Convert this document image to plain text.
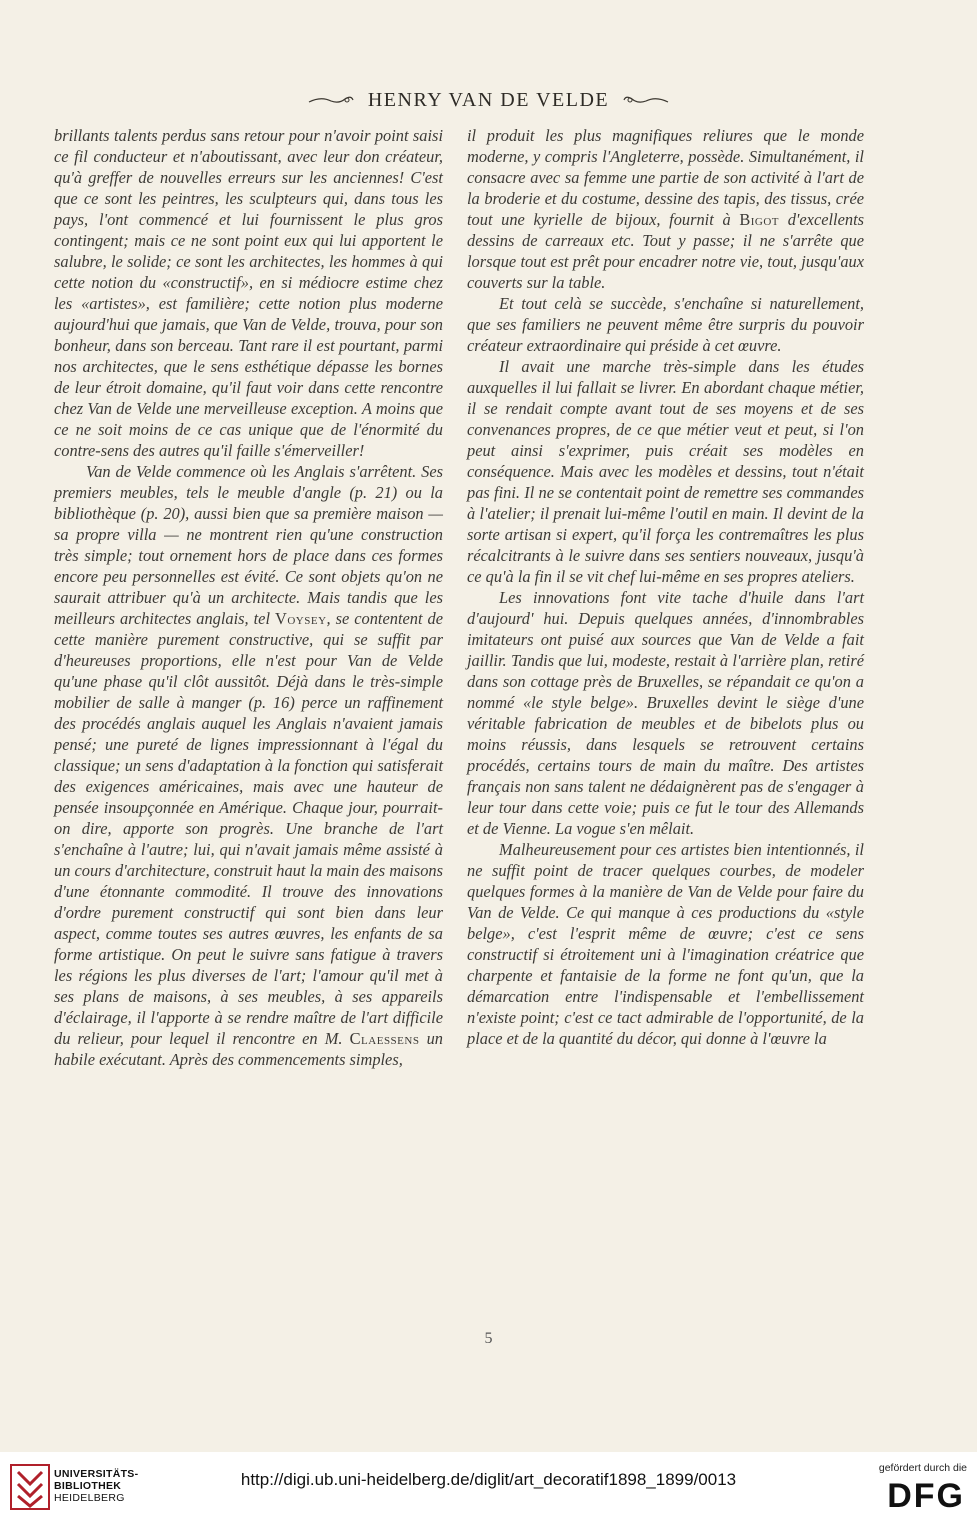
HENRY VAN DE VELDE

brillants talents perdus sans retour pour n'avoir point saisi ce fil conducteur et n'aboutissant, avec leur don créateur, qu'à greffer de nouvelles erreurs sur les anciennes! C'est que ce sont les peintres, les sculpteurs qui, dans tous les pays, l'ont commencé et lui fournissent le plus gros contingent; mais ce ne sont point eux qui lui apportent le salubre, le solide; ce sont les architectes, les hommes à qui cette notion du «constructif», en si médiocre estime chez les «artistes», est familière; cette notion plus moderne aujourd'hui que jamais, que Van de Velde, trouva, pour son bonheur, dans son berceau. Tant rare il est pourtant, parmi nos architectes, que le sens esthétique dépasse les bornes de leur étroit domaine, qu'il faut voir dans cette rencontre chez Van de Velde une merveilleuse exception. A moins que ce ne soit moins de ce cas unique que de l'énormité du contre-sens des autres qu'il faille s'émerveiller!

Van de Velde commence où les Anglais s'arrêtent. Ses premiers meubles, tels le meuble d'angle (p. 21) ou la bibliothèque (p. 20), aussi bien que sa première maison — sa propre villa — ne montrent rien qu'une construction très simple; tout ornement hors de place dans ces formes encore peu personnelles est évité. Ce sont objets qu'on ne saurait attribuer qu'à un architecte. Mais tandis que les meilleurs architectes anglais, tel Voysey, se contentent de cette manière purement constructive, qui se suffit par d'heureuses proportions, elle n'est pour Van de Velde qu'une phase qu'il clôt aussitôt. Déjà dans le très-simple mobilier de salle à manger (p. 16) perce un raffinement des procédés anglais auquel les Anglais n'avaient jamais pensé; une pureté de lignes impressionnant à l'égal du classique; un sens d'adaptation à la fonction qui satisferait des exigences américaines, mais avec une hauteur de pensée insoupçonnée en Amérique. Chaque jour, pourrait-on dire, apporte son progrès. Une branche de l'art s'enchaîne à l'autre; lui, qui n'avait jamais même assisté à un cours d'architecture, construit haut la main des maisons d'une étonnante commodité. Il trouve des innovations d'ordre purement constructif qui sont bien dans leur aspect, comme toutes ses autres œuvres, les enfants de sa forme artistique. On peut le suivre sans fatigue à travers les régions les plus diverses de l'art; l'amour qu'il met à ses plans de maisons, à ses meubles, à ses appareils d'éclairage, il l'apporte à se rendre maître de l'art difficile du relieur, pour lequel il rencontre en M. Claessens un habile exécutant. Après des commencements simples,

il produit les plus magnifiques reliures que le monde moderne, y compris l'Angleterre, possède. Simultanément, il consacre avec sa femme une partie de son activité à l'art de la broderie et du costume, dessine des tapis, des tissus, crée tout une kyrielle de bijoux, fournit à Bigot d'excellents dessins de carreaux etc. Tout y passe; il ne s'arrête que lorsque tout est prêt pour encadrer notre vie, tout, jusqu'aux couverts sur la table.

Et tout celà se succède, s'enchaîne si naturellement, que ses familiers ne peuvent même être surpris du pouvoir créateur extraordinaire qui préside à cet œuvre.

Il avait une marche très-simple dans les études auxquelles il lui fallait se livrer. En abordant chaque métier, il se rendait compte avant tout de ses moyens et de ses convenances propres, de ce que métier veut et peut, si l'on peut ainsi s'exprimer, puis créait ses modèles en conséquence. Mais avec les modèles et dessins, tout n'était pas fini. Il ne se contentait point de remettre ses commandes à l'atelier; il prenait lui-même l'outil en main. Il devint de la sorte artisan si expert, qu'il força les contremaîtres les plus récalcitrants à le suivre dans ses sentiers nouveaux, jusqu'à ce qu'à la fin il se vit chef lui-même en ses propres ateliers.

Les innovations font vite tache d'huile dans l'art d'aujourd' hui. Depuis quelques années, d'innombrables imitateurs ont puisé aux sources que Van de Velde a fait jaillir. Tandis que lui, modeste, restait à l'arrière plan, retiré dans son cottage près de Bruxelles, se répandait ce qu'on a nommé «le style belge». Bruxelles devint le siège d'une véritable fabrication de meubles et de bibelots plus ou moins réussis, dans lesquels se retrouvent certains procédés, certains tours de main du maître. Des artistes français non sans talent ne dédaignèrent pas de s'engager à leur tour dans cette voie; puis ce fut le tour des Allemands et de Vienne. La vogue s'en mêlait.

Malheureusement pour ces artistes bien intentionnés, il ne suffit point de tracer quelques courbes, de modeler quelques formes à la manière de Van de Velde pour faire du Van de Velde. Ce qui manque à ces productions du «style belge», c'est l'esprit même de œuvre; c'est ce sens constructif si étroitement uni à l'imagination créatrice que charpente et fantaisie de la forme ne font qu'un, que la démarcation entre l'indispensable et l'embellissement n'existe point; c'est ce tact admirable de l'opportunité, de la place et de la quantité du décor, qui donne à l'œuvre la

5
UNIVERSITÄTS-
BIBLIOTHEK
HEIDELBERG
http://digi.ub.uni-heidelberg.de/diglit/art_decoratif1898_1899/0013
gefördert durch die
DFG
